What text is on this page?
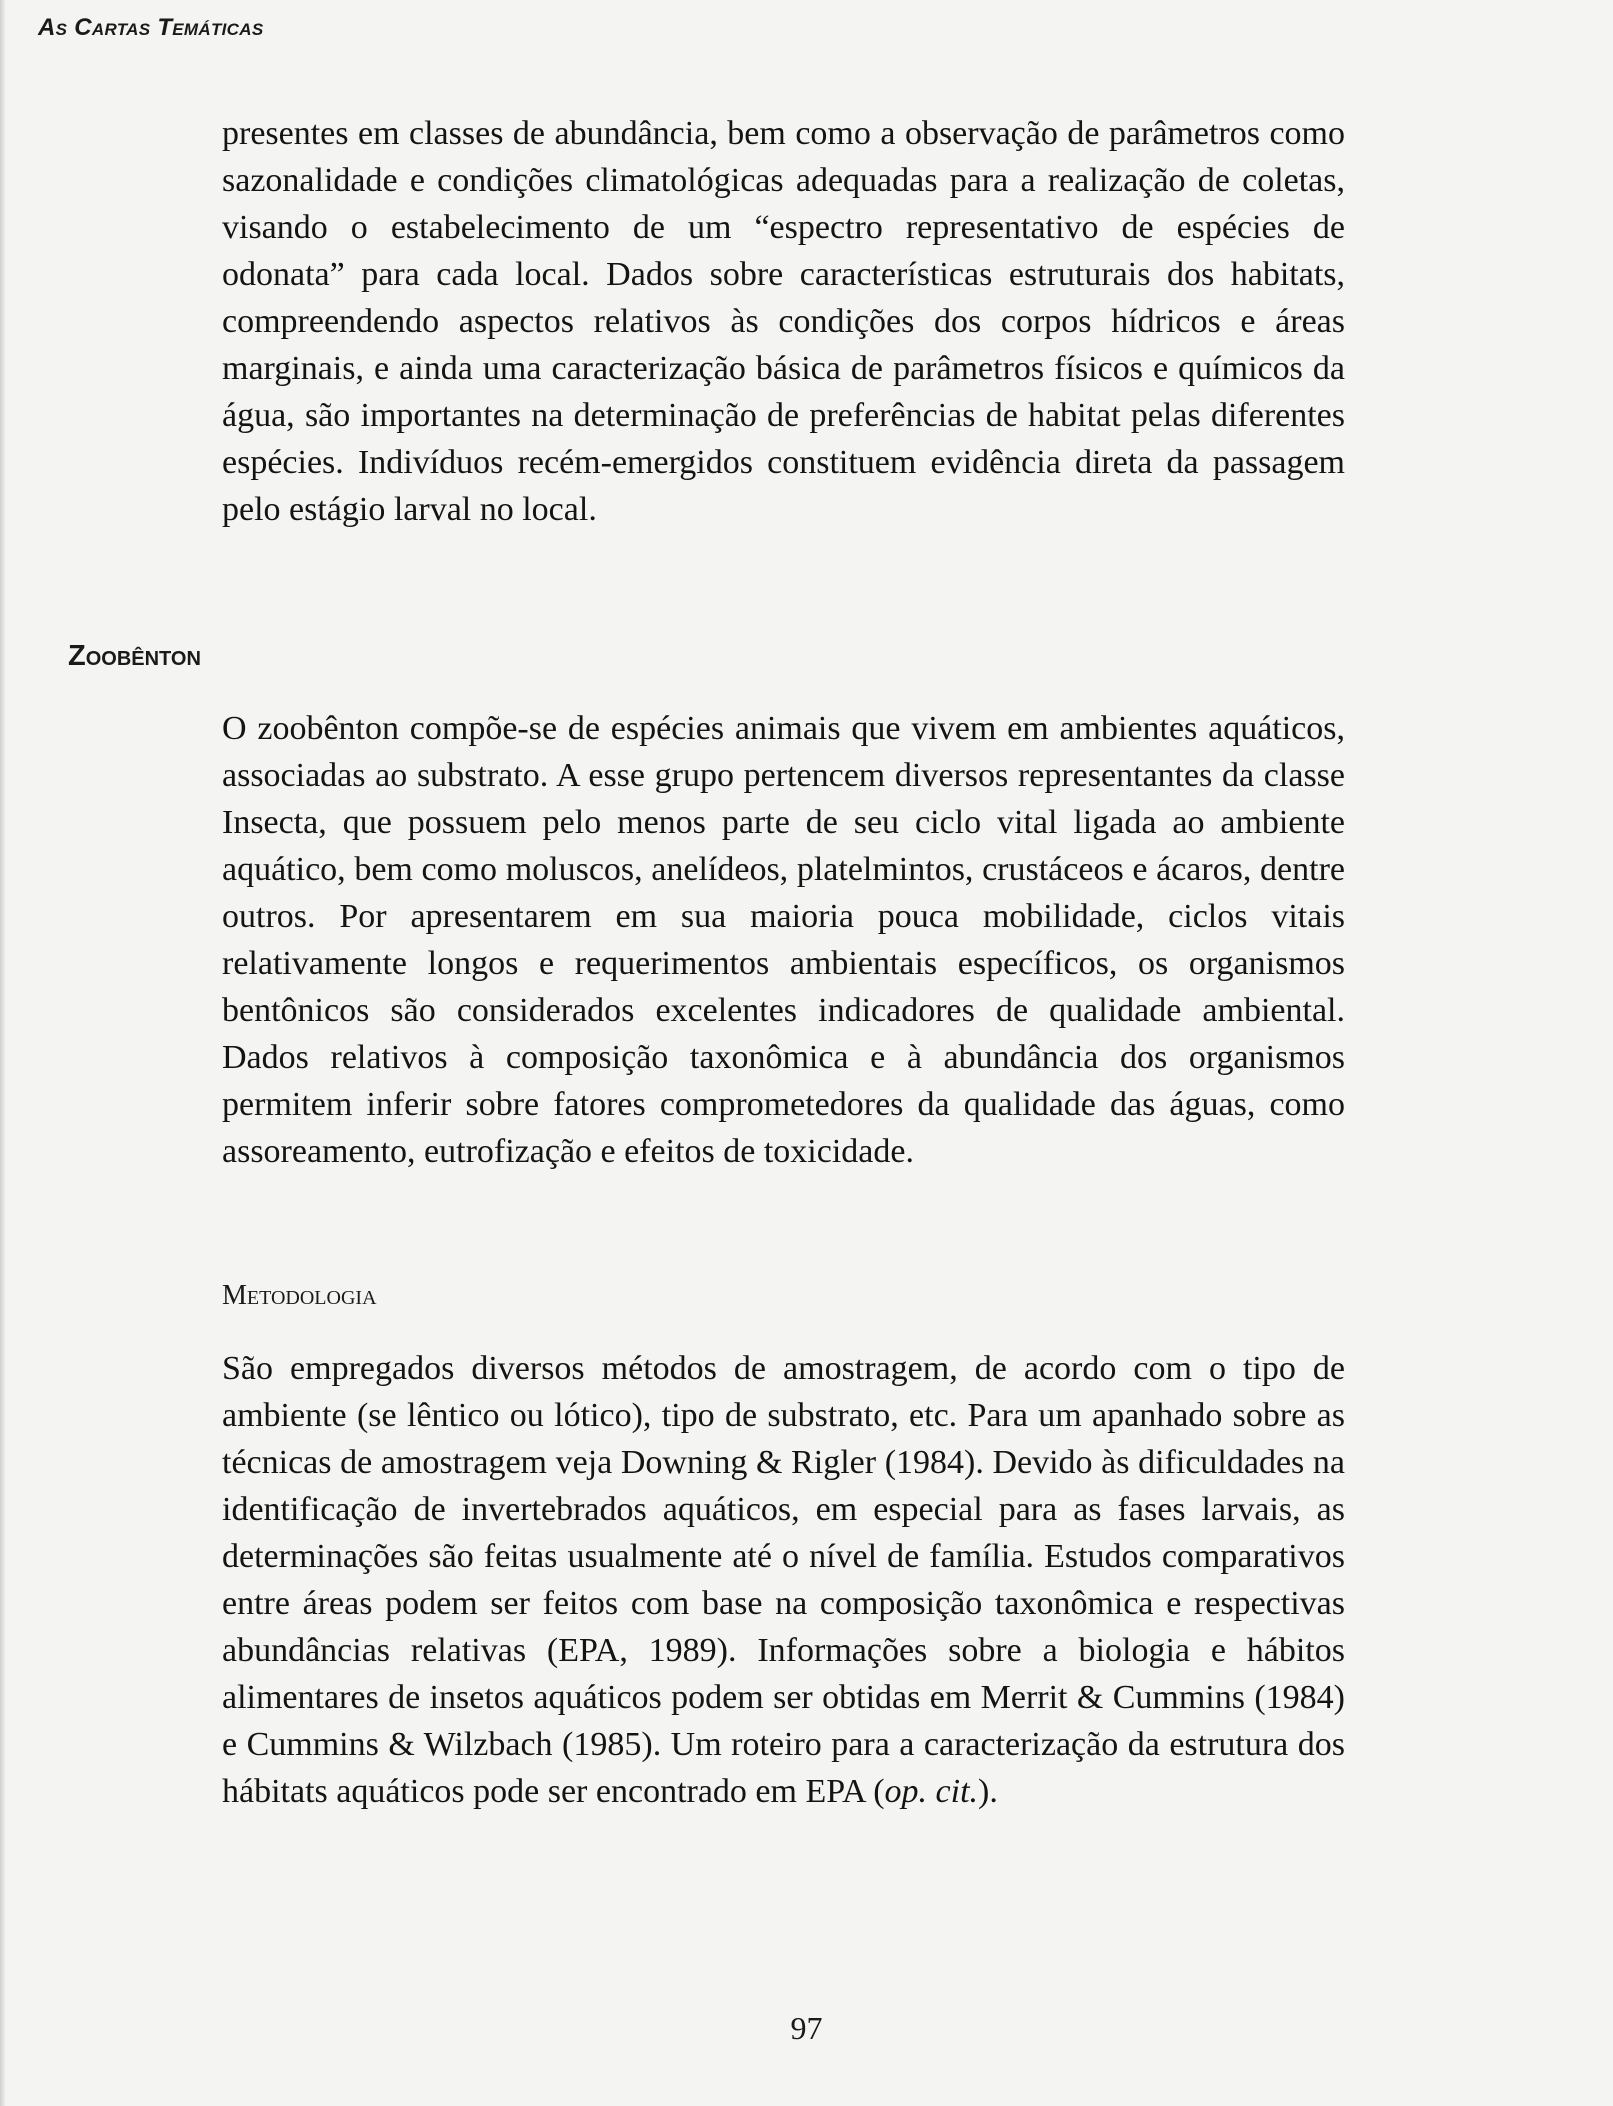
As Cartas Temáticas

presentes em classes de abundância, bem como a observação de parâmetros como sazonalidade e condições climatológicas adequadas para a realização de coletas, visando o estabelecimento de um “espectro representativo de espécies de odonata” para cada local. Dados sobre características estruturais dos habitats, compreendendo aspectos relativos às condições dos corpos hídricos e áreas marginais, e ainda uma caracterização básica de parâmetros físicos e químicos da água, são importantes na determinação de preferências de habitat pelas diferentes espécies. Indivíduos recém-emergidos constituem evidência direta da passagem pelo estágio larval no local.

Zoobênton

O zoobênton compõe-se de espécies animais que vivem em ambientes aquáticos, associadas ao substrato. A esse grupo pertencem diversos representantes da classe Insecta, que possuem pelo menos parte de seu ciclo vital ligada ao ambiente aquático, bem como moluscos, anelídeos, platelmintos, crustáceos e ácaros, dentre outros. Por apresentarem em sua maioria pouca mobilidade, ciclos vitais relativamente longos e requerimentos ambientais específicos, os organismos bentônicos são considerados excelentes indicadores de qualidade ambiental. Dados relativos à composição taxonômica e à abundância dos organismos permitem inferir sobre fatores comprometedores da qualidade das águas, como assoreamento, eutrofização e efeitos de toxicidade.

Metodologia

São empregados diversos métodos de amostragem, de acordo com o tipo de ambiente (se lêntico ou lótico), tipo de substrato, etc. Para um apanhado sobre as técnicas de amostragem veja Downing & Rigler (1984). Devido às dificuldades na identificação de invertebrados aquáticos, em especial para as fases larvais, as determinações são feitas usualmente até o nível de família. Estudos comparativos entre áreas podem ser feitos com base na composição taxonômica e respectivas abundâncias relativas (EPA, 1989). Informações sobre a biologia e hábitos alimentares de insetos aquáticos podem ser obtidas em Merrit & Cummins (1984) e Cummins & Wilzbach (1985). Um roteiro para a caracterização da estrutura dos hábitats aquáticos pode ser encontrado em EPA (op. cit.).

97
